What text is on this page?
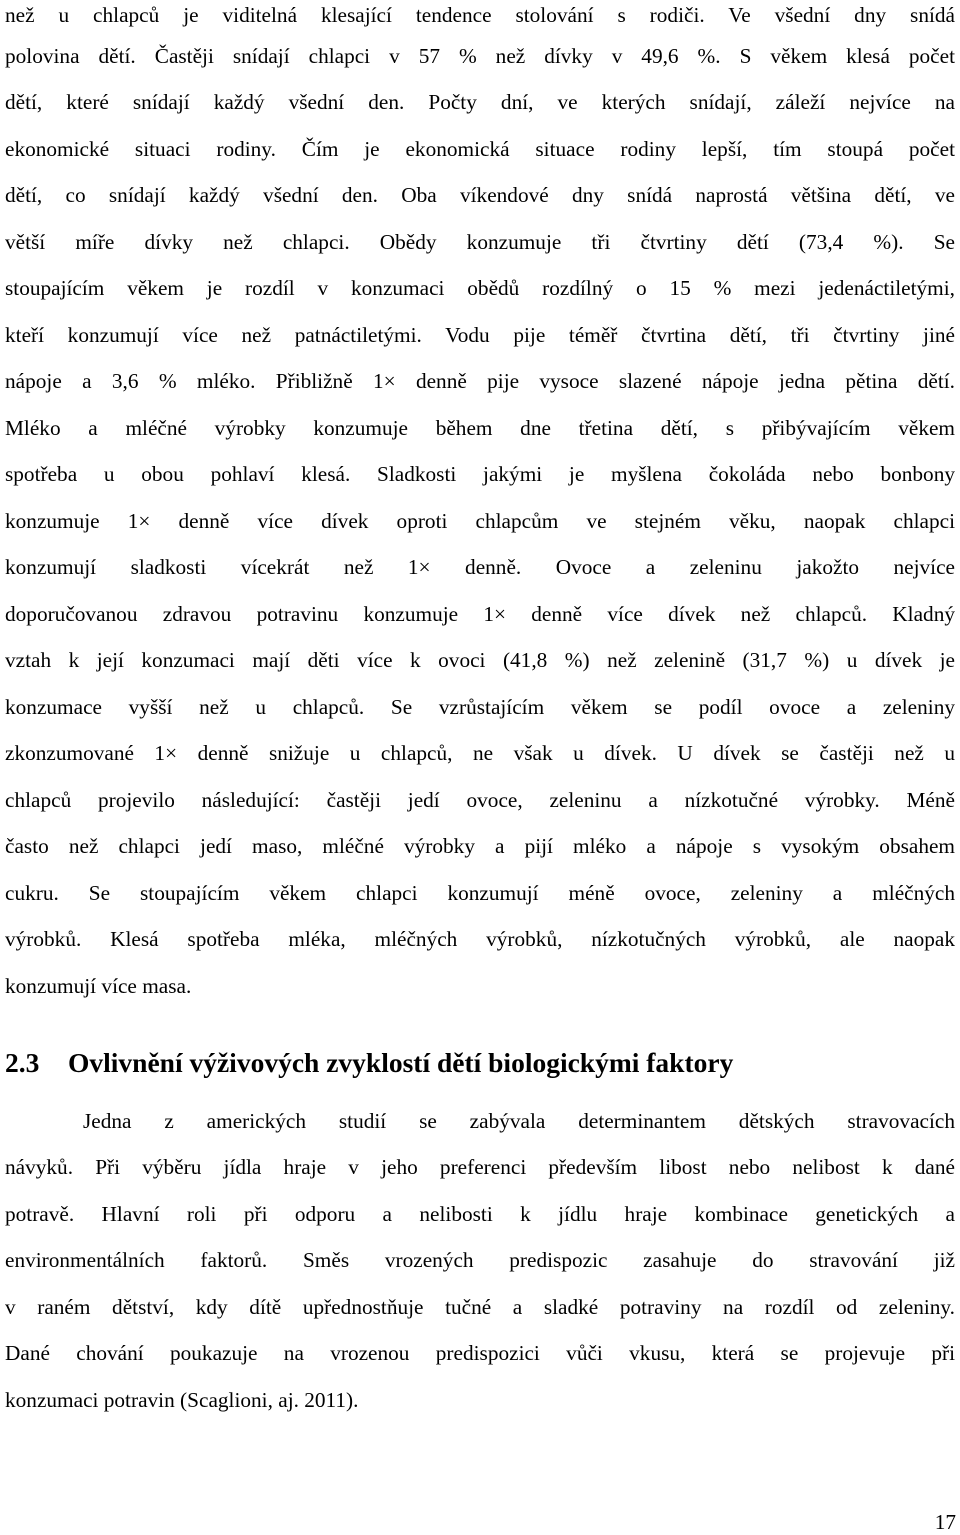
než u chlapců je viditelná klesající tendence stolování s rodiči. Ve všední dny snídá
polovina dětí. Častěji snídají chlapci v 57 % než dívky v 49,6 %. S věkem klesá počet
dětí, které snídají každý všední den. Počty dní, ve kterých snídají, záleží nejvíce na
ekonomické situaci rodiny. Čím je ekonomická situace rodiny lepší, tím stoupá počet
dětí, co snídají každý všední den. Oba víkendové dny snídá naprostá většina dětí, ve
větší míře dívky než chlapci. Obědy konzumuje tři čtvrtiny dětí (73,4 %). Se
stoupajícím věkem je rozdíl v konzumaci obědů rozdílný o 15 % mezi jedenáctiletými,
kteří konzumují více než patnáctiletými. Vodu pije téměř čtvrtina dětí, tři čtvrtiny jiné
nápoje a 3,6 % mléko. Přibližně 1× denně pije vysoce slazené nápoje jedna pětina dětí.
Mléko a mléčné výrobky konzumuje během dne třetina dětí, s přibývajícím věkem
spotřeba u obou pohlaví klesá. Sladkosti jakými je myšlena čokoláda nebo bonbony
konzumuje 1× denně více dívek oproti chlapcům ve stejném věku, naopak chlapci
konzumují sladkosti vícekrát než 1× denně. Ovoce a zeleninu jakožto nejvíce
doporučovanou zdravou potravinu konzumuje 1× denně více dívek než chlapců. Kladný
vztah k její konzumaci mají děti více k ovoci (41,8 %) než zelenině (31,7 %) u dívek je
konzumace vyšší než u chlapců. Se vzrůstajícím věkem se podíl ovoce a zeleniny
zkonzumované 1× denně snižuje u chlapců, ne však u dívek. U dívek se častěji než u
chlapců projevilo následující: častěji jedí ovoce, zeleninu a nízkotučné výrobky. Méně
často než chlapci jedí maso, mléčné výrobky a pijí mléko a nápoje s vysokým obsahem
cukru. Se stoupajícím věkem chlapci konzumují méně ovoce, zeleniny a mléčných
výrobků. Klesá spotřeba mléka, mléčných výrobků, nízkotučných výrobků, ale naopak
konzumují více masa.
2.3 Ovlivnění výživových zvyklostí dětí biologickými faktory
Jedna z amerických studií se zabývala determinantem dětských stravovacích
návyků. Při výběru jídla hraje v jeho preferenci především libost nebo nelibost k dané
potravě. Hlavní roli při odporu a nelibosti k jídlu hraje kombinace genetických a
environmentálních faktorů. Směs vrozených predispozic zasahuje do stravování již
v raném dětství, kdy dítě upřednostňuje tučné a sladké potraviny na rozdíl od zeleniny.
Dané chování poukazuje na vrozenou predispozici vůči vkusu, která se projevuje při
konzumaci potravin (Scaglioni, aj. 2011).
17
